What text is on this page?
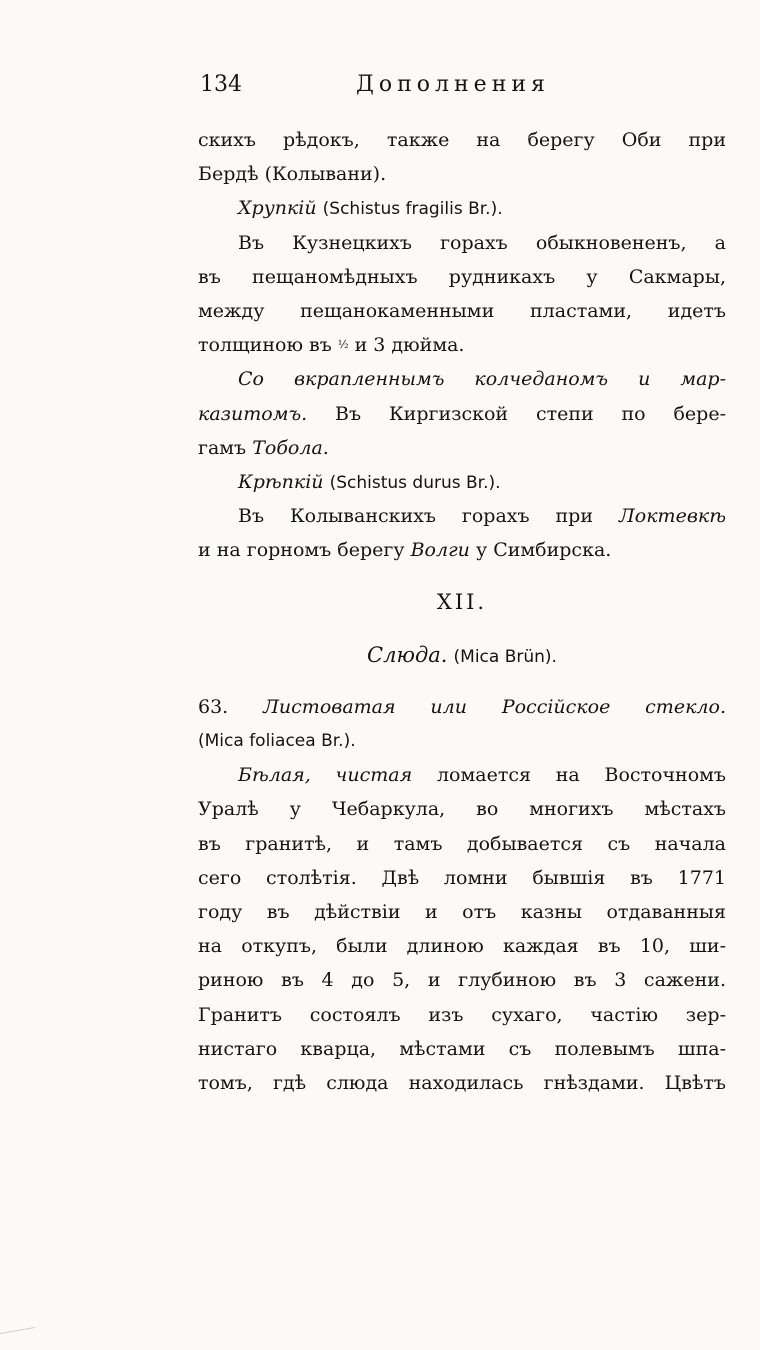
134	Дополнения
скихъ рѣдокъ, также на берегу Оби при
Бердѣ (Колывани).
Хрупкій (Schistus fragilis Br.).
Въ Кузнецкихъ горахъ обыкновененъ, а
въ пещаномѣдныхъ рудникахъ у Сакмары,
между пещанокаменными пластами, идетъ
толщиною въ ½ и 3 дюйма.
Со вкрапленнымъ колчеданомъ и мар-
казитомъ. Въ Киргизской степи по бере-
гамъ Тобола.
Крѣпкій (Schistus durus Br.).
Въ Колыванскихъ горахъ при Локтевкѣ
и на горномъ берегу Волги у Симбирска.
XII.
Слюда. (Mica Brün).
63. Листоватая или Россійское стекло.
(Mica foliacea Br.).
Бѣлая, чистая ломается на Восточномъ
Уралѣ у Чебаркула, во многихъ мѣстахъ
въ гранитѣ, и тамъ добывается съ начала
сего столѣтія. Двѣ ломни бывшія въ 1771
году въ дѣйствіи и отъ казны отдаванныя
на откупъ, были длиною каждая въ 10, ши-
риною въ 4 до 5, и глубиною въ 3 сажени.
Гранитъ состоялъ изъ сухаго, частію зер-
нистаго кварца, мѣстами съ полевымъ шпа-
томъ, гдѣ слюда находилась гнѣздами. Цвѣтъ
